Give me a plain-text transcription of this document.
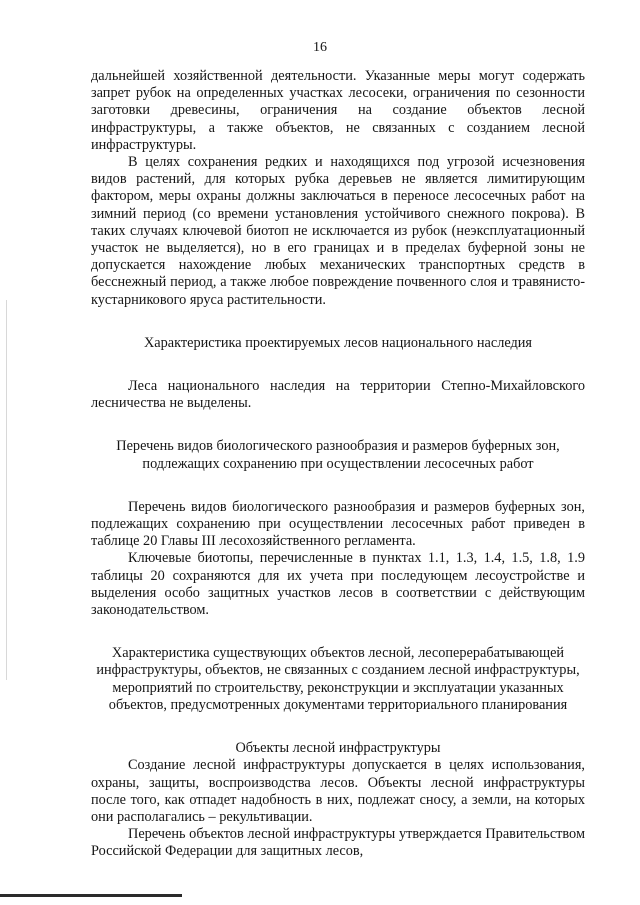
16

дальнейшей хозяйственной деятельности. Указанные меры могут содержать запрет рубок на определенных участках лесосеки, ограничения по сезонности заготовки древесины, ограничения на создание объектов лесной инфраструктуры, а также объектов, не связанных с созданием лесной инфраструктуры.

В целях сохранения редких и находящихся под угрозой исчезновения видов растений, для которых рубка деревьев не является лимитирующим фактором, меры охраны должны заключаться в переносе лесосечных работ на зимний период (со времени установления устойчивого снежного покрова). В таких случаях ключевой биотоп не исключается из рубок (неэксплуатационный участок не выделяется), но в его границах и в пределах буферной зоны не допускается нахождение любых механических транспортных средств в бесснежный период, а также любое повреждение почвенного слоя и травянисто-кустарникового яруса растительности.

Характеристика проектируемых лесов национального наследия

Леса национального наследия на территории Степно-Михайловского лесничества не выделены.

Перечень видов биологического разнообразия и размеров буферных зон, подлежащих сохранению при осуществлении лесосечных работ

Перечень видов биологического разнообразия и размеров буферных зон, подлежащих сохранению при осуществлении лесосечных работ приведен в таблице 20 Главы III лесохозяйственного регламента.

Ключевые биотопы, перечисленные в пунктах 1.1, 1.3, 1.4, 1.5, 1.8, 1.9 таблицы 20 сохраняются для их учета при последующем лесоустройстве и выделения особо защитных участков лесов в соответствии с действующим законодательством.

Характеристика существующих объектов лесной, лесоперерабатывающей инфраструктуры, объектов, не связанных с созданием лесной инфраструктуры, мероприятий по строительству, реконструкции и эксплуатации указанных объектов, предусмотренных документами территориального планирования

Объекты лесной инфраструктуры

Создание лесной инфраструктуры допускается в целях использования, охраны, защиты, воспроизводства лесов. Объекты лесной инфраструктуры после того, как отпадет надобность в них, подлежат сносу, а земли, на которых они располагались – рекультивации.

Перечень объектов лесной инфраструктуры утверждается Правительством Российской Федерации для защитных лесов,
